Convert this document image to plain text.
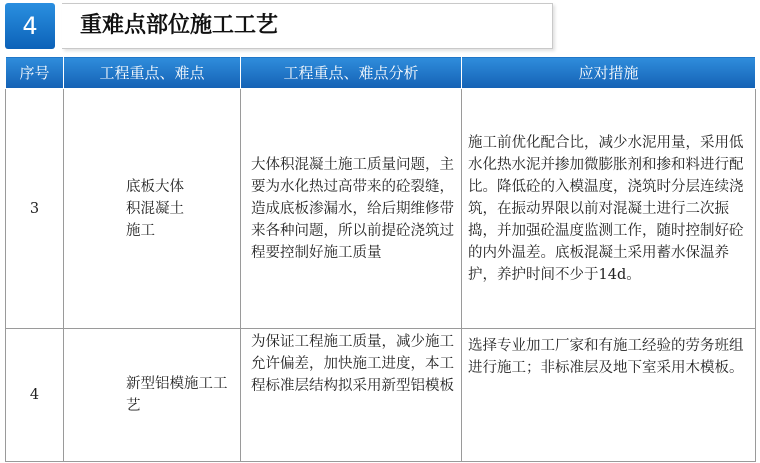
4	重难点部位施工工艺
序号	工程重点、难点	工程重点、难点分析	应对措施
3	底板大体积混凝土施工	大体积混凝土施工质量问题，主要为水化热过高带来的砼裂缝，造成底板渗漏水，给后期维修带来各种问题，所以前提砼浇筑过程要控制好施工质量	施工前优化配合比，减少水泥用量，采用低水化热水泥并掺加微膨胀剂和掺和料进行配比。降低砼的入模温度，浇筑时分层连续浇筑，在振动界限以前对混凝土进行二次振捣，并加强砼温度监测工作，随时控制好砼的内外温差。底板混凝土采用蓄水保温养护，养护时间不少于14d。
4	新型铝模施工工艺	为保证工程施工质量，减少施工允许偏差，加快施工进度，本工程标准层结构拟采用新型铝模板	选择专业加工厂家和有施工经验的劳务班组进行施工；非标准层及地下室采用木模板。
